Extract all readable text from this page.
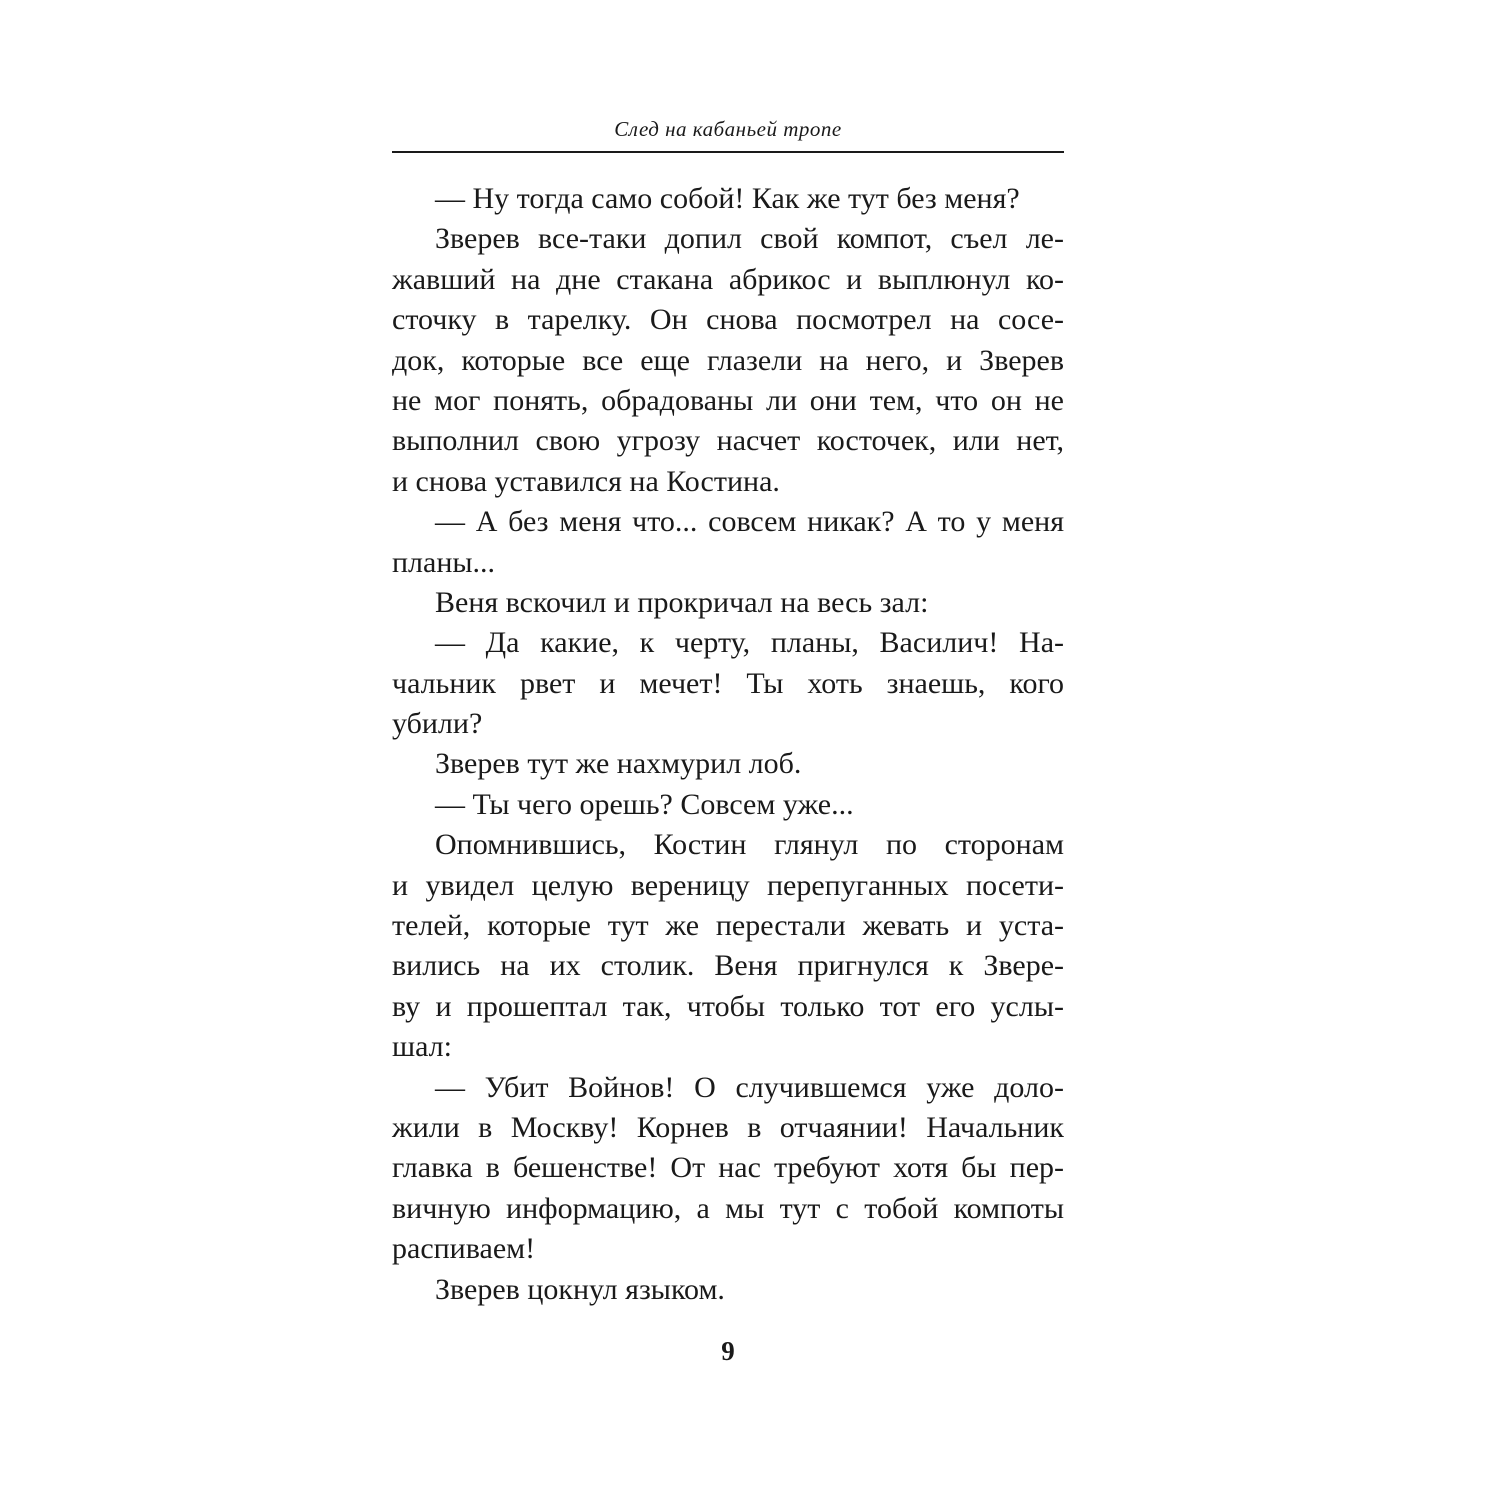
След на кабаньей тропе
— Ну тогда само собой! Как же тут без меня?
Зверев все-таки допил свой компот, съел ле-
жавший на дне стакана абрикос и выплюнул ко-
сточку в тарелку. Он снова посмотрел на сосе-
док, которые все еще глазели на него, и Зверев
не мог понять, обрадованы ли они тем, что он не
выполнил свою угрозу насчет косточек, или нет,
и снова уставился на Костина.
— А без меня что... совсем никак? А то у меня
планы...
Веня вскочил и прокричал на весь зал:
— Да какие, к черту, планы, Василич! На-
чальник рвет и мечет! Ты хоть знаешь, кого
убили?
Зверев тут же нахмурил лоб.
— Ты чего орешь? Совсем уже...
Опомнившись, Костин глянул по сторонам
и увидел целую вереницу перепуганных посети-
телей, которые тут же перестали жевать и уста-
вились на их столик. Веня пригнулся к Звере-
ву и прошептал так, чтобы только тот его услы-
шал:
— Убит Войнов! О случившемся уже доло-
жили в Москву! Корнев в отчаянии! Начальник
главка в бешенстве! От нас требуют хотя бы пер-
вичную информацию, а мы тут с тобой компоты
распиваем!
Зверев цокнул языком.
9
